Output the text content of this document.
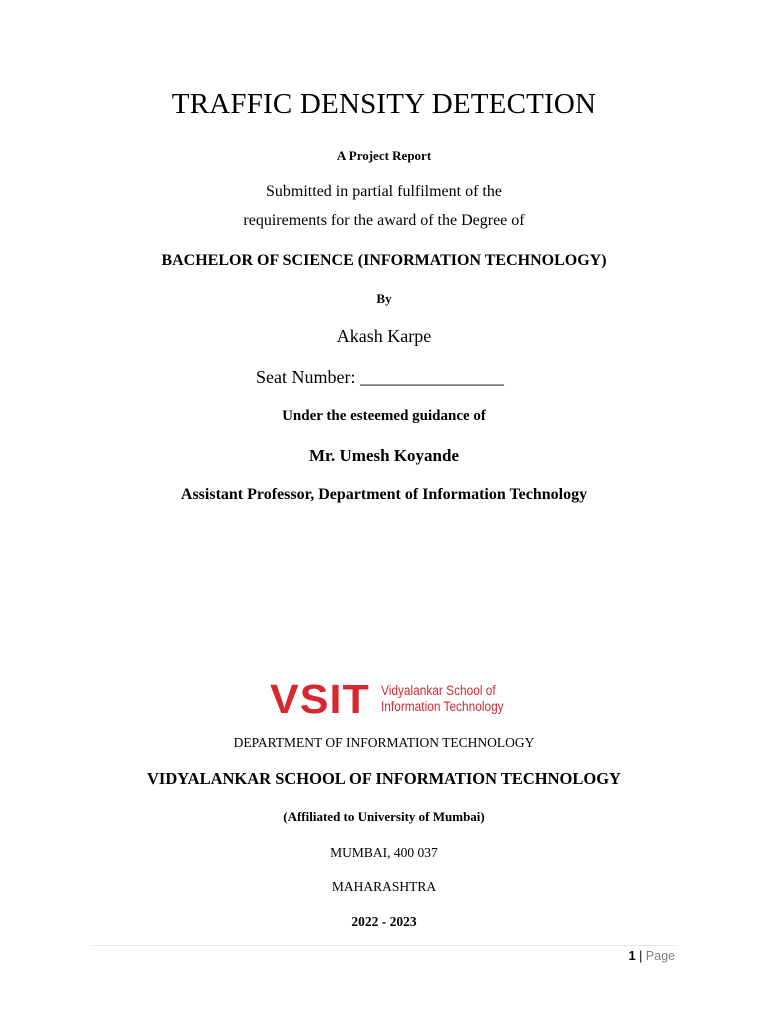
TRAFFIC DENSITY DETECTION
A Project Report
Submitted in partial fulfilment of the
requirements for the award of the Degree of
BACHELOR OF SCIENCE (INFORMATION TECHNOLOGY)
By
Akash Karpe
Seat Number: ________________
Under the esteemed guidance of
Mr. Umesh Koyande
Assistant Professor, Department of Information Technology
VSIT Vidyalankar School of
Information Technology
DEPARTMENT OF INFORMATION TECHNOLOGY
VIDYALANKAR SCHOOL OF INFORMATION TECHNOLOGY
(Affiliated to University of Mumbai)
MUMBAI, 400 037
MAHARASHTRA
2022 - 2023
1 | Page
